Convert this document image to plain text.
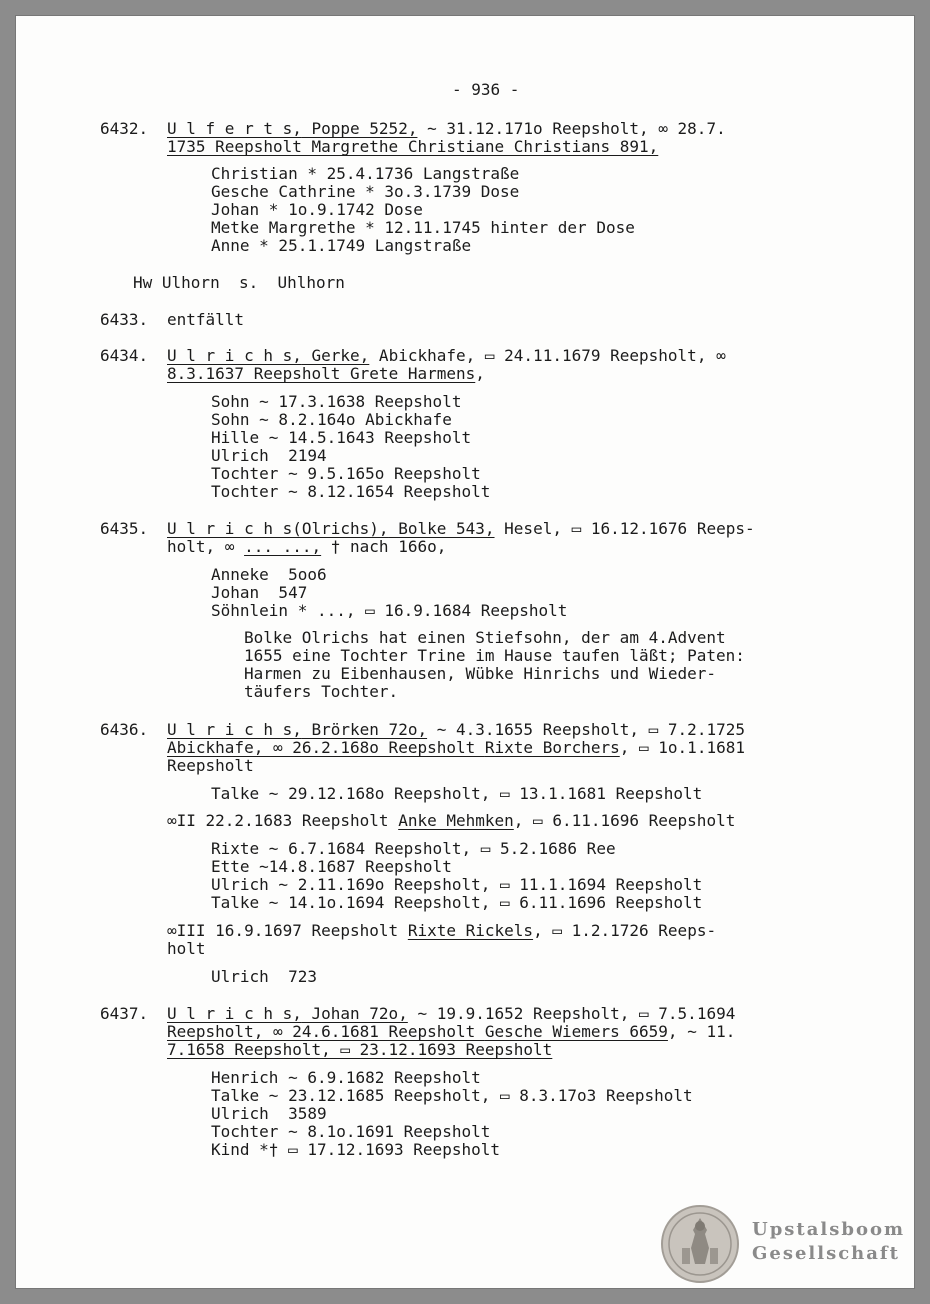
- 936 -
6432. U l f e r t s, Poppe 5252, ~ 31.12.171o Reepsholt, ∞ 28.7.
1735 Reepsholt Margrethe Christiane Christians 891,
Christian * 25.4.1736 Langstraße
Gesche Cathrine * 3o.3.1739 Dose
Johan * 1o.9.1742 Dose
Metke Margrethe * 12.11.1745 hinter der Dose
Anne * 25.1.1749 Langstraße
Hw Ulhorn  s.  Uhlhorn
6433. entfällt
6434. U l r i c h s, Gerke, Abickhafe, ▭ 24.11.1679 Reepsholt, ∞
8.3.1637 Reepsholt Grete Harmens,
Sohn ~ 17.3.1638 Reepsholt
Sohn ~ 8.2.164o Abickhafe
Hille ~ 14.5.1643 Reepsholt
Ulrich  2194
Tochter ~ 9.5.165o Reepsholt
Tochter ~ 8.12.1654 Reepsholt
6435. U l r i c h s(Olrichs), Bolke 543, Hesel, ▭ 16.12.1676 Reeps-
holt, ∞ ... ..., † nach 166o,
Anneke  5oo6
Johan  547
Söhnlein * ..., ▭ 16.9.1684 Reepsholt
Bolke Olrichs hat einen Stiefsohn, der am 4.Advent
1655 eine Tochter Trine im Hause taufen läßt; Paten:
Harmen zu Eibenhausen, Wübke Hinrichs und Wieder-
täufers Tochter.
6436. U l r i c h s, Brörken 72o, ~ 4.3.1655 Reepsholt, ▭ 7.2.1725
Abickhafe, ∞ 26.2.168o Reepsholt Rixte Borchers, ▭ 1o.1.1681
Reepsholt
Talke ~ 29.12.168o Reepsholt, ▭ 13.1.1681 Reepsholt
∞II 22.2.1683 Reepsholt Anke Mehmken, ▭ 6.11.1696 Reepsholt
Rixte ~ 6.7.1684 Reepsholt, ▭ 5.2.1686 Ree
Ette ~14.8.1687 Reepsholt
Ulrich ~ 2.11.169o Reepsholt, ▭ 11.1.1694 Reepsholt
Talke ~ 14.1o.1694 Reepsholt, ▭ 6.11.1696 Reepsholt
∞III 16.9.1697 Reepsholt Rixte Rickels, ▭ 1.2.1726 Reeps-
holt
Ulrich  723
6437. U l r i c h s, Johan 72o, ~ 19.9.1652 Reepsholt, ▭ 7.5.1694
Reepsholt, ∞ 24.6.1681 Reepsholt Gesche Wiemers 6659, ~ 11.
7.1658 Reepsholt, ▭ 23.12.1693 Reepsholt
Henrich ~ 6.9.1682 Reepsholt
Talke ~ 23.12.1685 Reepsholt, ▭ 8.3.17o3 Reepsholt
Ulrich  3589
Tochter ~ 8.1o.1691 Reepsholt
Kind *† ▭ 17.12.1693 Reepsholt
Upstalsboom
Gesellschaft
